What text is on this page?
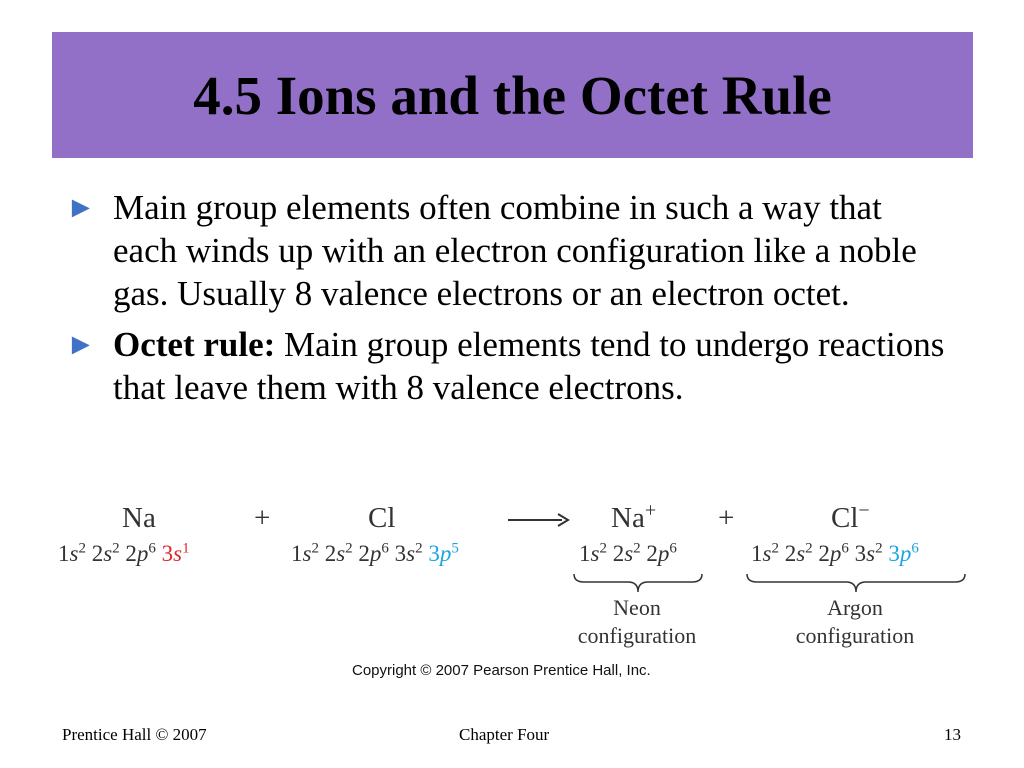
4.5 Ions and the Octet Rule
► Main group elements often combine in such a way that each winds up with an electron configuration like a noble gas. Usually 8 valence electrons or an electron octet.
► Octet rule: Main group elements tend to undergo reactions that leave them with 8 valence electrons.
Na	+	Cl	Na+ +	Cl−
$1s^2$ $2s^2$ $2p^6$ $3s^1$	$1s^2$ $2s^2$ $2p^6$ $3s^2$ $3p^5$	$1s^2$ $2s^2$ $2p^6$	$1s^2$ $2s^2$ $2p^6$ $3s^2$ $3p^6$
Neon
configuration
Argon
configuration
Copyright © 2007 Pearson Prentice Hall, Inc.
Prentice Hall © 2007	Chapter Four	13
